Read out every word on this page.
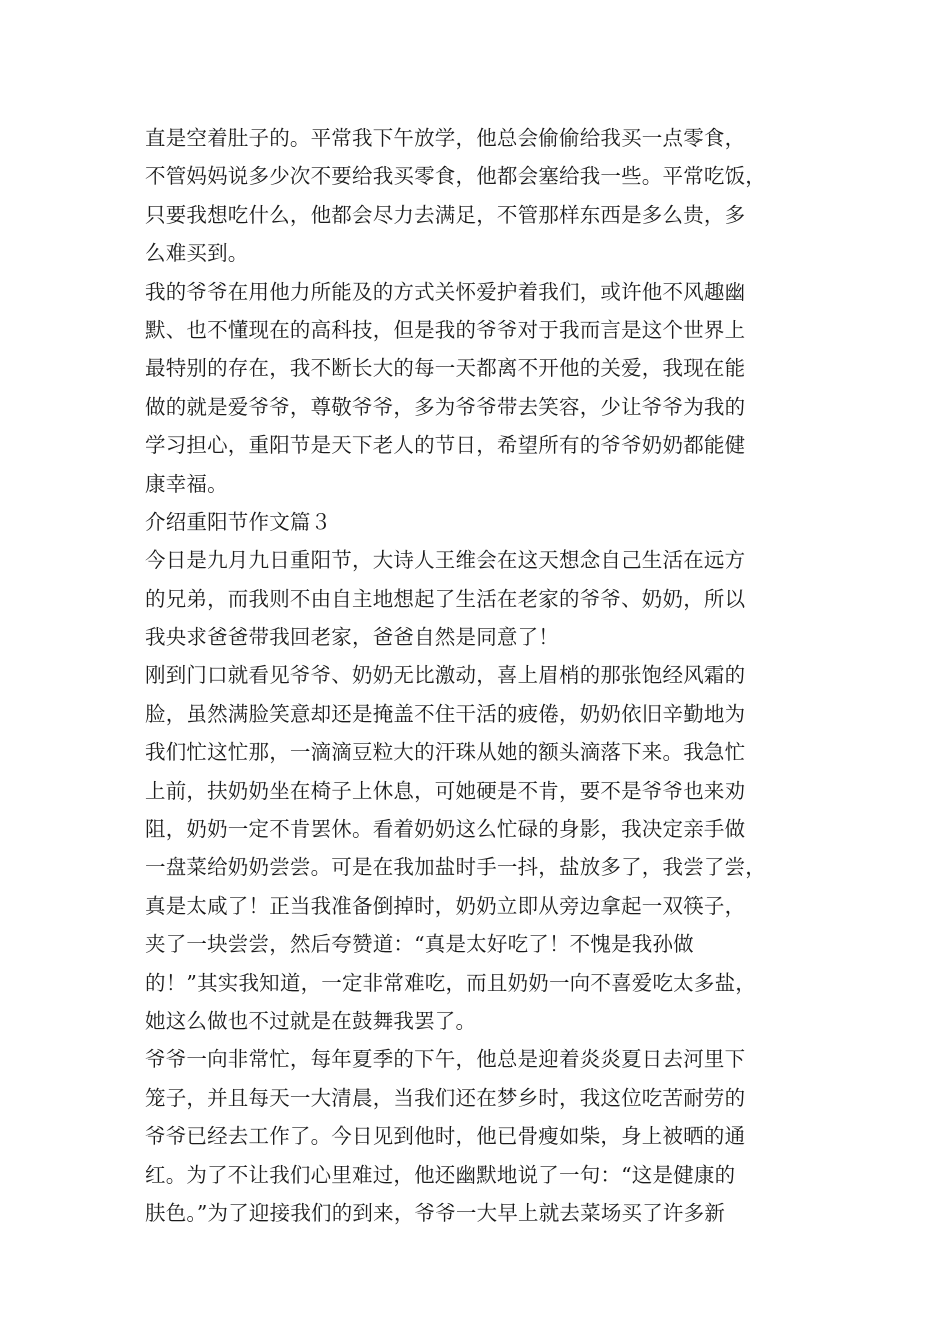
直是空着肚子的。平常我下午放学，他总会偷偷给我买一点零食，
不管妈妈说多少次不要给我买零食，他都会塞给我一些。平常吃饭，
只要我想吃什么，他都会尽力去满足，不管那样东西是多么贵，多
么难买到。
我的爷爷在用他力所能及的方式关怀爱护着我们，或许他不风趣幽
默、也不懂现在的高科技，但是我的爷爷对于我而言是这个世界上
最特别的存在，我不断长大的每一天都离不开他的关爱，我现在能
做的就是爱爷爷，尊敬爷爷，多为爷爷带去笑容，少让爷爷为我的
学习担心，重阳节是天下老人的节日，希望所有的爷爷奶奶都能健
康幸福。
介绍重阳节作文篇３
今日是九月九日重阳节，大诗人王维会在这天想念自己生活在远方
的兄弟，而我则不由自主地想起了生活在老家的爷爷、奶奶，所以
我央求爸爸带我回老家，爸爸自然是同意了！
刚到门口就看见爷爷、奶奶无比激动，喜上眉梢的那张饱经风霜的
脸，虽然满脸笑意却还是掩盖不住干活的疲倦，奶奶依旧辛勤地为
我们忙这忙那，一滴滴豆粒大的汗珠从她的额头滴落下来。我急忙
上前，扶奶奶坐在椅子上休息，可她硬是不肯，要不是爷爷也来劝
阻，奶奶一定不肯罢休。看着奶奶这么忙碌的身影，我决定亲手做
一盘菜给奶奶尝尝。可是在我加盐时手一抖，盐放多了，我尝了尝，
真是太咸了！正当我准备倒掉时，奶奶立即从旁边拿起一双筷子，
夹了一块尝尝，然后夸赞道：“真是太好吃了！不愧是我孙做
的！”其实我知道，一定非常难吃，而且奶奶一向不喜爱吃太多盐，
她这么做也不过就是在鼓舞我罢了。
爷爷一向非常忙，每年夏季的下午，他总是迎着炎炎夏日去河里下
笼子，并且每天一大清晨，当我们还在梦乡时，我这位吃苦耐劳的
爷爷已经去工作了。今日见到他时，他已骨瘦如柴，身上被晒的通
红。为了不让我们心里难过，他还幽默地说了一句：“这是健康的
肤色。”为了迎接我们的到来，爷爷一大早上就去菜场买了许多新
